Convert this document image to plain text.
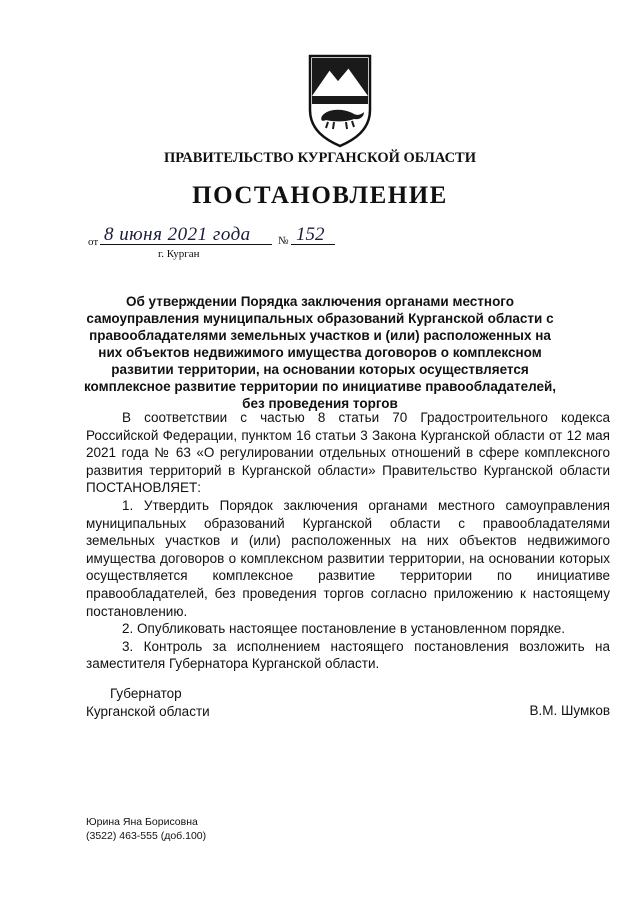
ПРАВИТЕЛЬСТВО КУРГАНСКОЙ ОБЛАСТИ
ПОСТАНОВЛЕНИЕ
от 8 июня 2021 года № 152
г. Курган
Об утверждении Порядка заключения органами местного самоуправления муниципальных образований Курганской области с правообладателями земельных участков и (или) расположенных на них объектов недвижимого имущества договоров о комплексном развитии территории, на основании которых осуществляется комплексное развитие территории по инициативе правообладателей, без проведения торгов

В соответствии с частью 8 статьи 70 Градостроительного кодекса Российской Федерации, пунктом 16 статьи 3 Закона Курганской области от 12 мая 2021 года № 63 «О регулировании отдельных отношений в сфере комплексного развития территорий в Курганской области» Правительство Курганской области ПОСТАНОВЛЯЕТ:

1. Утвердить Порядок заключения органами местного самоуправления муниципальных образований Курганской области с правообладателями земельных участков и (или) расположенных на них объектов недвижимого имущества договоров о комплексном развитии территории, на основании которых осуществляется комплексное развитие территории по инициативе правообладателей, без проведения торгов согласно приложению к настоящему постановлению.

2. Опубликовать настоящее постановление в установленном порядке.

3. Контроль за исполнением настоящего постановления возложить на заместителя Губернатора Курганской области.

Губернатор
Курганской области	В.М. Шумков
Юрина Яна Борисовна
(3522) 463-555 (доб.100)
